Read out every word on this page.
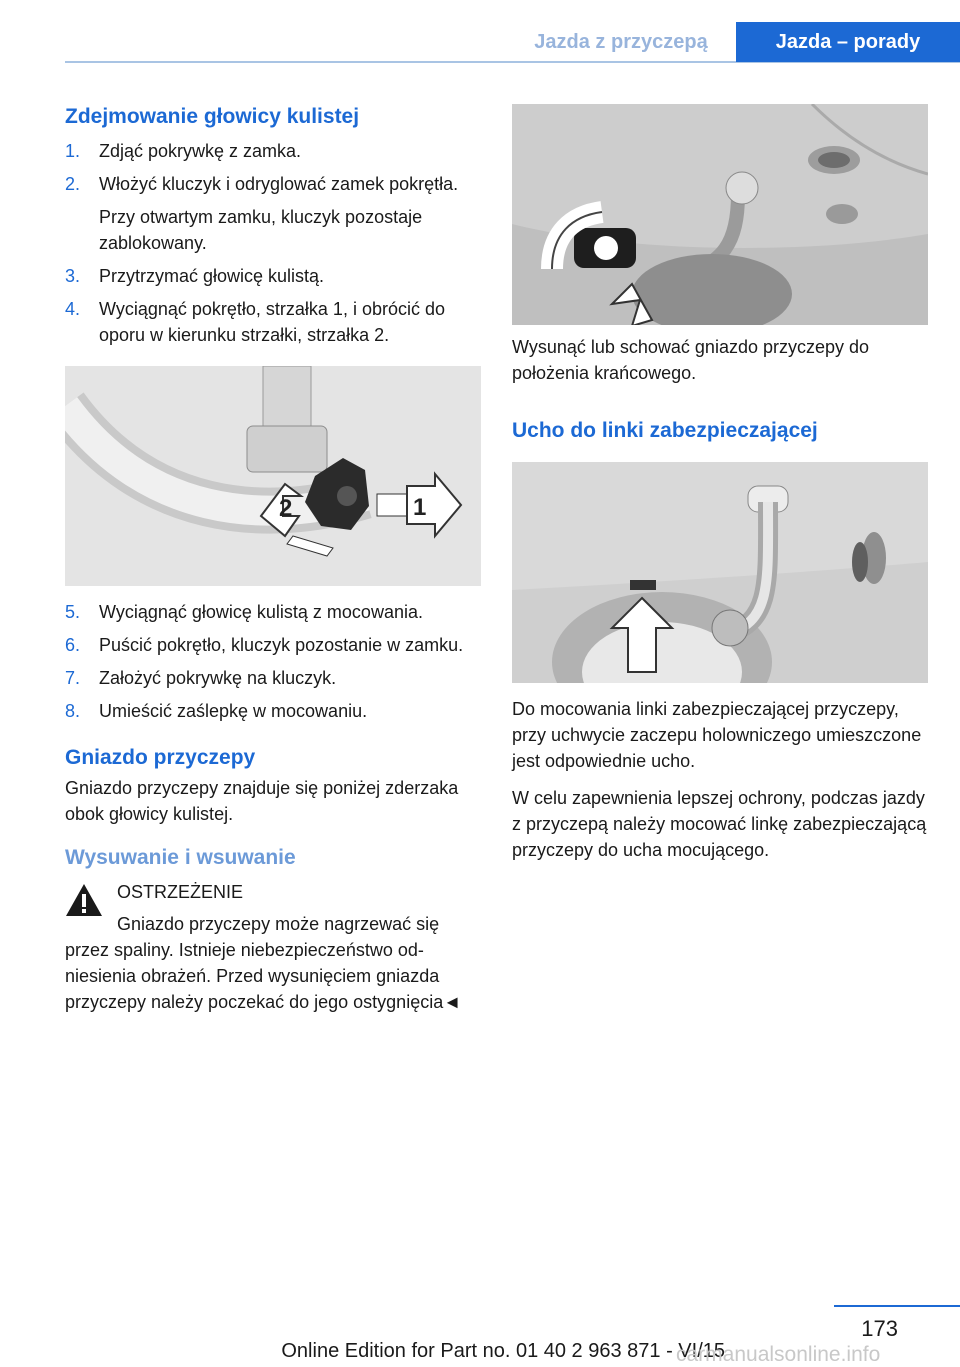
Jazda z przyczepą	Jazda – porady
Zdejmowanie głowicy kulistej
1. Zdjąć pokrywkę z zamka.
2. Włożyć kluczyk i odryglować zamek pokrętła.
Przy otwartym zamku, kluczyk pozostaje zablokowany.
3. Przytrzymać głowicę kulistą.
4. Wyciągnąć pokrętło, strzałka 1, i obrócić do oporu w kierunku strzałki, strzałka 2.
1
2
5. Wyciągnąć głowicę kulistą z mocowania.
6. Puścić pokrętło, kluczyk pozostanie w zamku.
7. Założyć pokrywkę na kluczyk.
8. Umieścić zaślepkę w mocowaniu.
Gniazdo przyczepy

Gniazdo przyczepy znajduje się poniżej zderzaka obok głowicy kulistej.

Wysuwanie i wsuwanie

OSTRZEŻENIE

Gniazdo przyczepy może nagrzewać się przez spaliny. Istnieje niebezpieczeństwo odniesienia obrażeń. Przed wysunięciem gniazda przyczepy należy poczekać do jego ostygnięcia◄

Wysunąć lub schować gniazdo przyczepy do położenia krańcowego.

Ucho do linki zabezpieczającej

Do mocowania linki zabezpieczającej przyczepy, przy uchwycie zaczepu holowniczego umieszczone jest odpowiednie ucho.

W celu zapewnienia lepszej ochrony, podczas jazdy z przyczepą należy mocować linkę zabezpieczającą przyczepy do ucha mocującego.

173
Online Edition for Part no. 01 40 2 963 871 - VI/15
carmanualsonline.info
